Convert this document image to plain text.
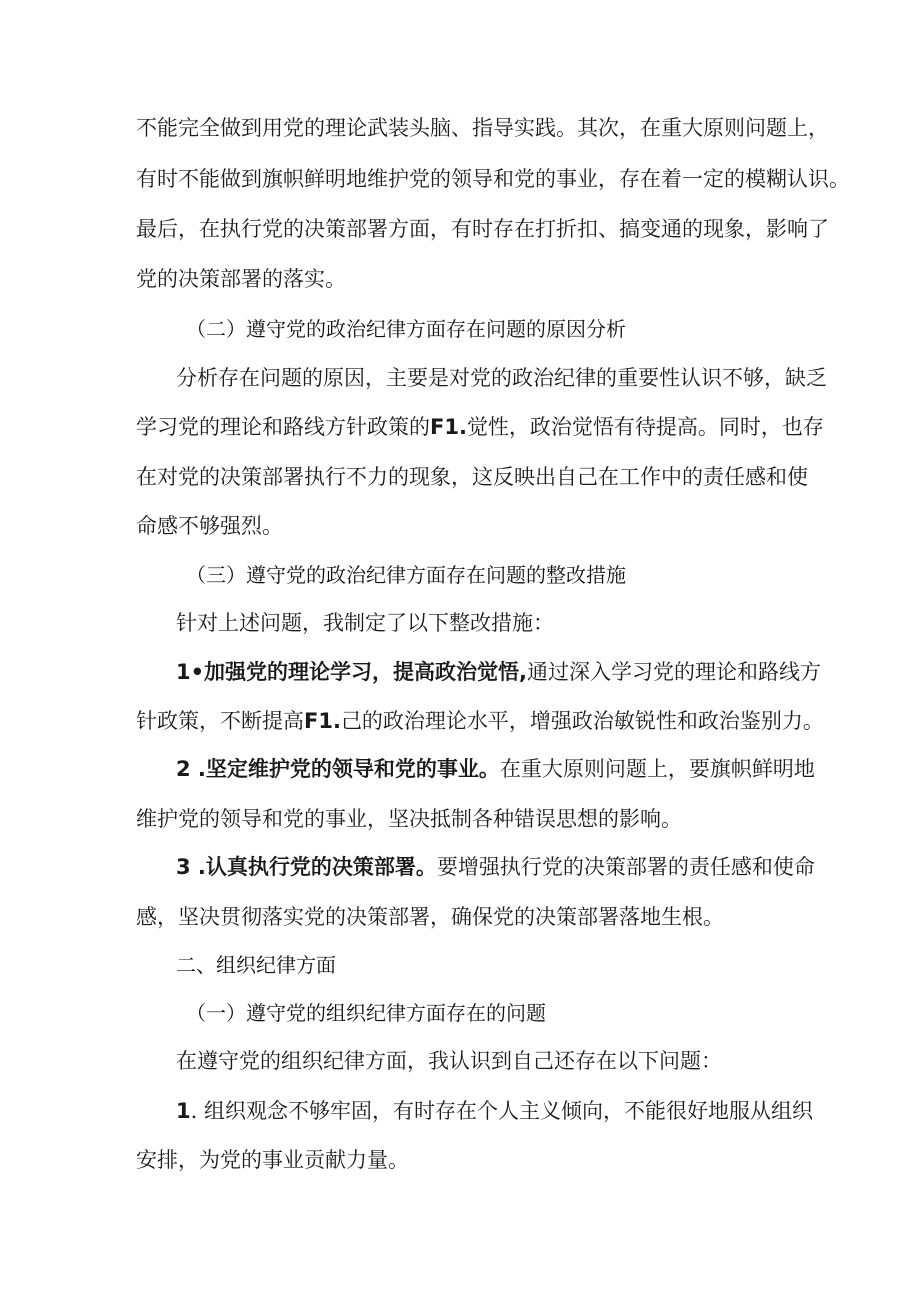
不能完全做到用党的理论武装头脑、指导实践。其次，在重大原则问题上，
有时不能做到旗帜鲜明地维护党的领导和党的事业，存在着一定的模糊认识。
最后，在执行党的决策部署方面，有时存在打折扣、搞变通的现象，影响了
党的决策部署的落实。
（二）遵守党的政治纪律方面存在问题的原因分析
分析存在问题的原因，主要是对党的政治纪律的重要性认识不够，缺乏
学习党的理论和路线方针政策的F1.觉性，政治觉悟有待提高。同时，也存
在对党的决策部署执行不力的现象，这反映出自己在工作中的责任感和使
命感不够强烈。
（三）遵守党的政治纪律方面存在问题的整改措施
针对上述问题，我制定了以下整改措施：
1•加强党的理论学习，提高政治觉悟,通过深入学习党的理论和路线方
针政策，不断提高F1.己的政治理论水平，增强政治敏锐性和政治鉴别力。
2 .坚定维护党的领导和党的事业。在重大原则问题上，要旗帜鲜明地
维护党的领导和党的事业，坚决抵制各种错误思想的影响。
3 .认真执行党的决策部署。要增强执行党的决策部署的责任感和使命
感，坚决贯彻落实党的决策部署，确保党的决策部署落地生根。
二、组织纪律方面
（一）遵守党的组织纪律方面存在的问题
在遵守党的组织纪律方面，我认识到自己还存在以下问题：
1. 组织观念不够牢固，有时存在个人主义倾向，不能很好地服从组织
安排，为党的事业贡献力量。
